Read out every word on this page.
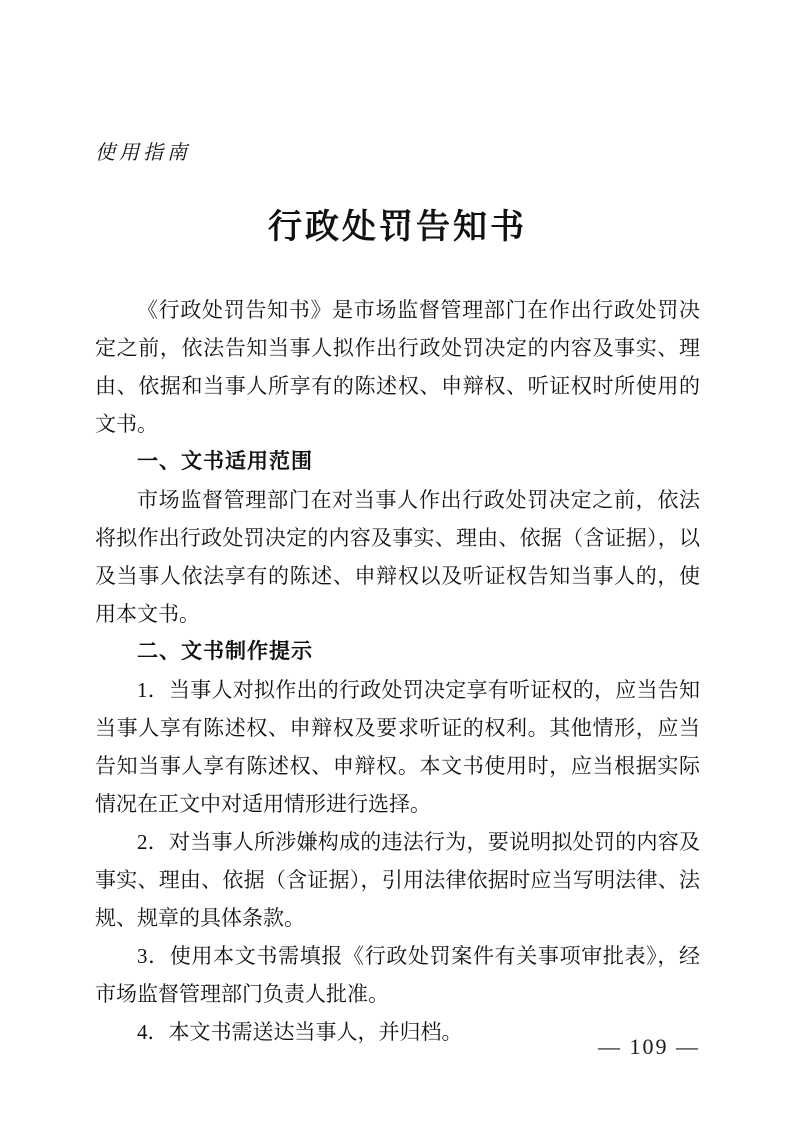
使用指南
行政处罚告知书

《行政处罚告知书》是市场监督管理部门在作出行政处罚决定之前，依法告知当事人拟作出行政处罚决定的内容及事实、理由、依据和当事人所享有的陈述权、申辩权、听证权时所使用的文书。

一、文书适用范围

市场监督管理部门在对当事人作出行政处罚决定之前，依法将拟作出行政处罚决定的内容及事实、理由、依据（含证据），以及当事人依法享有的陈述、申辩权以及听证权告知当事人的，使用本文书。

二、文书制作提示

1．当事人对拟作出的行政处罚决定享有听证权的，应当告知当事人享有陈述权、申辩权及要求听证的权利。其他情形，应当告知当事人享有陈述权、申辩权。本文书使用时，应当根据实际情况在正文中对适用情形进行选择。

2．对当事人所涉嫌构成的违法行为，要说明拟处罚的内容及事实、理由、依据（含证据），引用法律依据时应当写明法律、法规、规章的具体条款。

3．使用本文书需填报《行政处罚案件有关事项审批表》，经市场监督管理部门负责人批准。

4．本文书需送达当事人，并归档。

— 109 —
